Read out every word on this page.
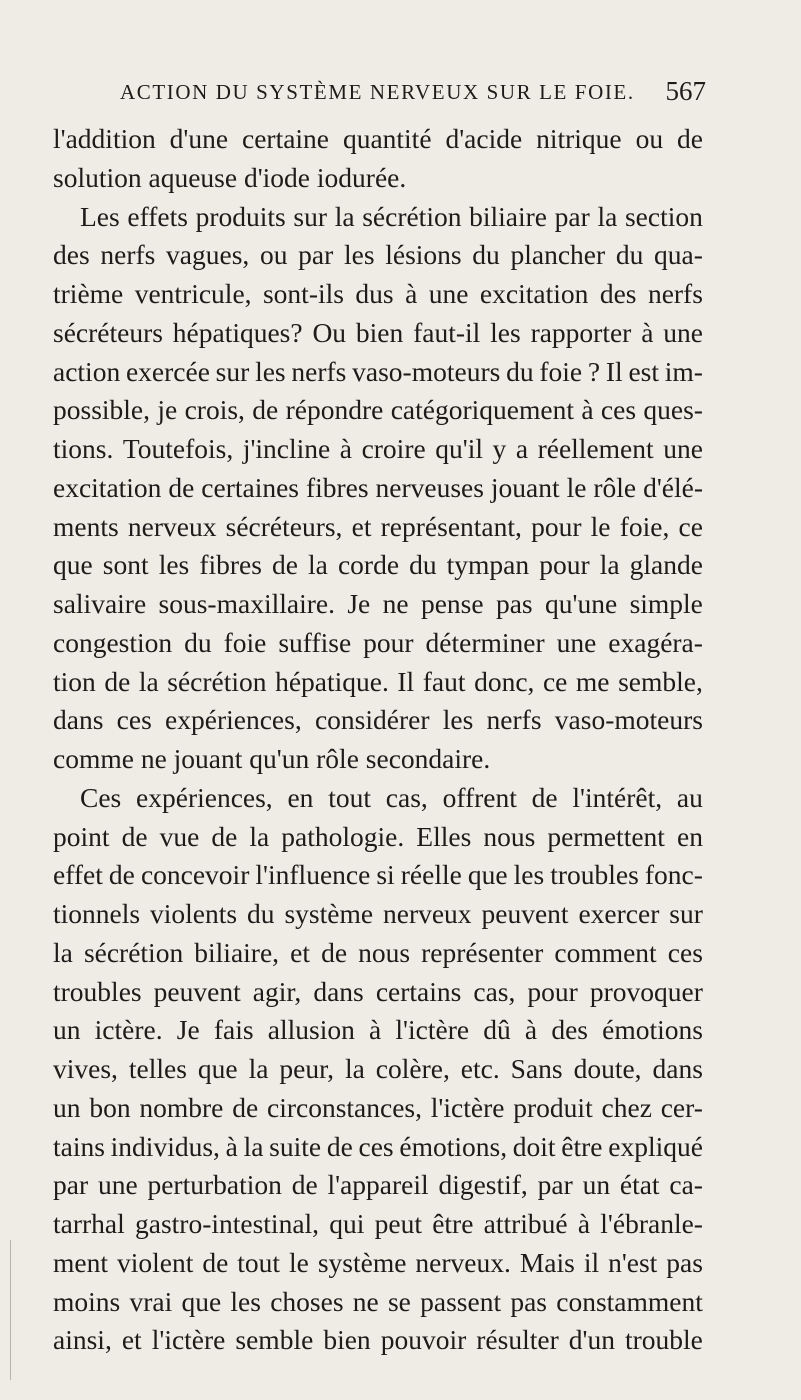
ACTION DU SYSTÈME NERVEUX SUR LE FOIE. 567
l'addition d'une certaine quantité d'acide nitrique ou de
solution aqueuse d'iode iodurée.
Les effets produits sur la sécrétion biliaire par la section
des nerfs vagues, ou par les lésions du plancher du qua-
trième ventricule, sont-ils dus à une excitation des nerfs
sécréteurs hépatiques? Ou bien faut-il les rapporter à une
action exercée sur les nerfs vaso-moteurs du foie ? Il est im-
possible, je crois, de répondre catégoriquement à ces ques-
tions. Toutefois, j'incline à croire qu'il y a réellement une
excitation de certaines fibres nerveuses jouant le rôle d'élé-
ments nerveux sécréteurs, et représentant, pour le foie, ce
que sont les fibres de la corde du tympan pour la glande
salivaire sous-maxillaire. Je ne pense pas qu'une simple
congestion du foie suffise pour déterminer une exagéra-
tion de la sécrétion hépatique. Il faut donc, ce me semble,
dans ces expériences, considérer les nerfs vaso-moteurs
comme ne jouant qu'un rôle secondaire.
Ces expériences, en tout cas, offrent de l'intérêt, au
point de vue de la pathologie. Elles nous permettent en
effet de concevoir l'influence si réelle que les troubles fonc-
tionnels violents du système nerveux peuvent exercer sur
la sécrétion biliaire, et de nous représenter comment ces
troubles peuvent agir, dans certains cas, pour provoquer
un ictère. Je fais allusion à l'ictère dû à des émotions
vives, telles que la peur, la colère, etc. Sans doute, dans
un bon nombre de circonstances, l'ictère produit chez cer-
tains individus, à la suite de ces émotions, doit être expliqué
par une perturbation de l'appareil digestif, par un état ca-
tarrhal gastro-intestinal, qui peut être attribué à l'ébranle-
ment violent de tout le système nerveux. Mais il n'est pas
moins vrai que les choses ne se passent pas constamment
ainsi, et l'ictère semble bien pouvoir résulter d'un trouble
